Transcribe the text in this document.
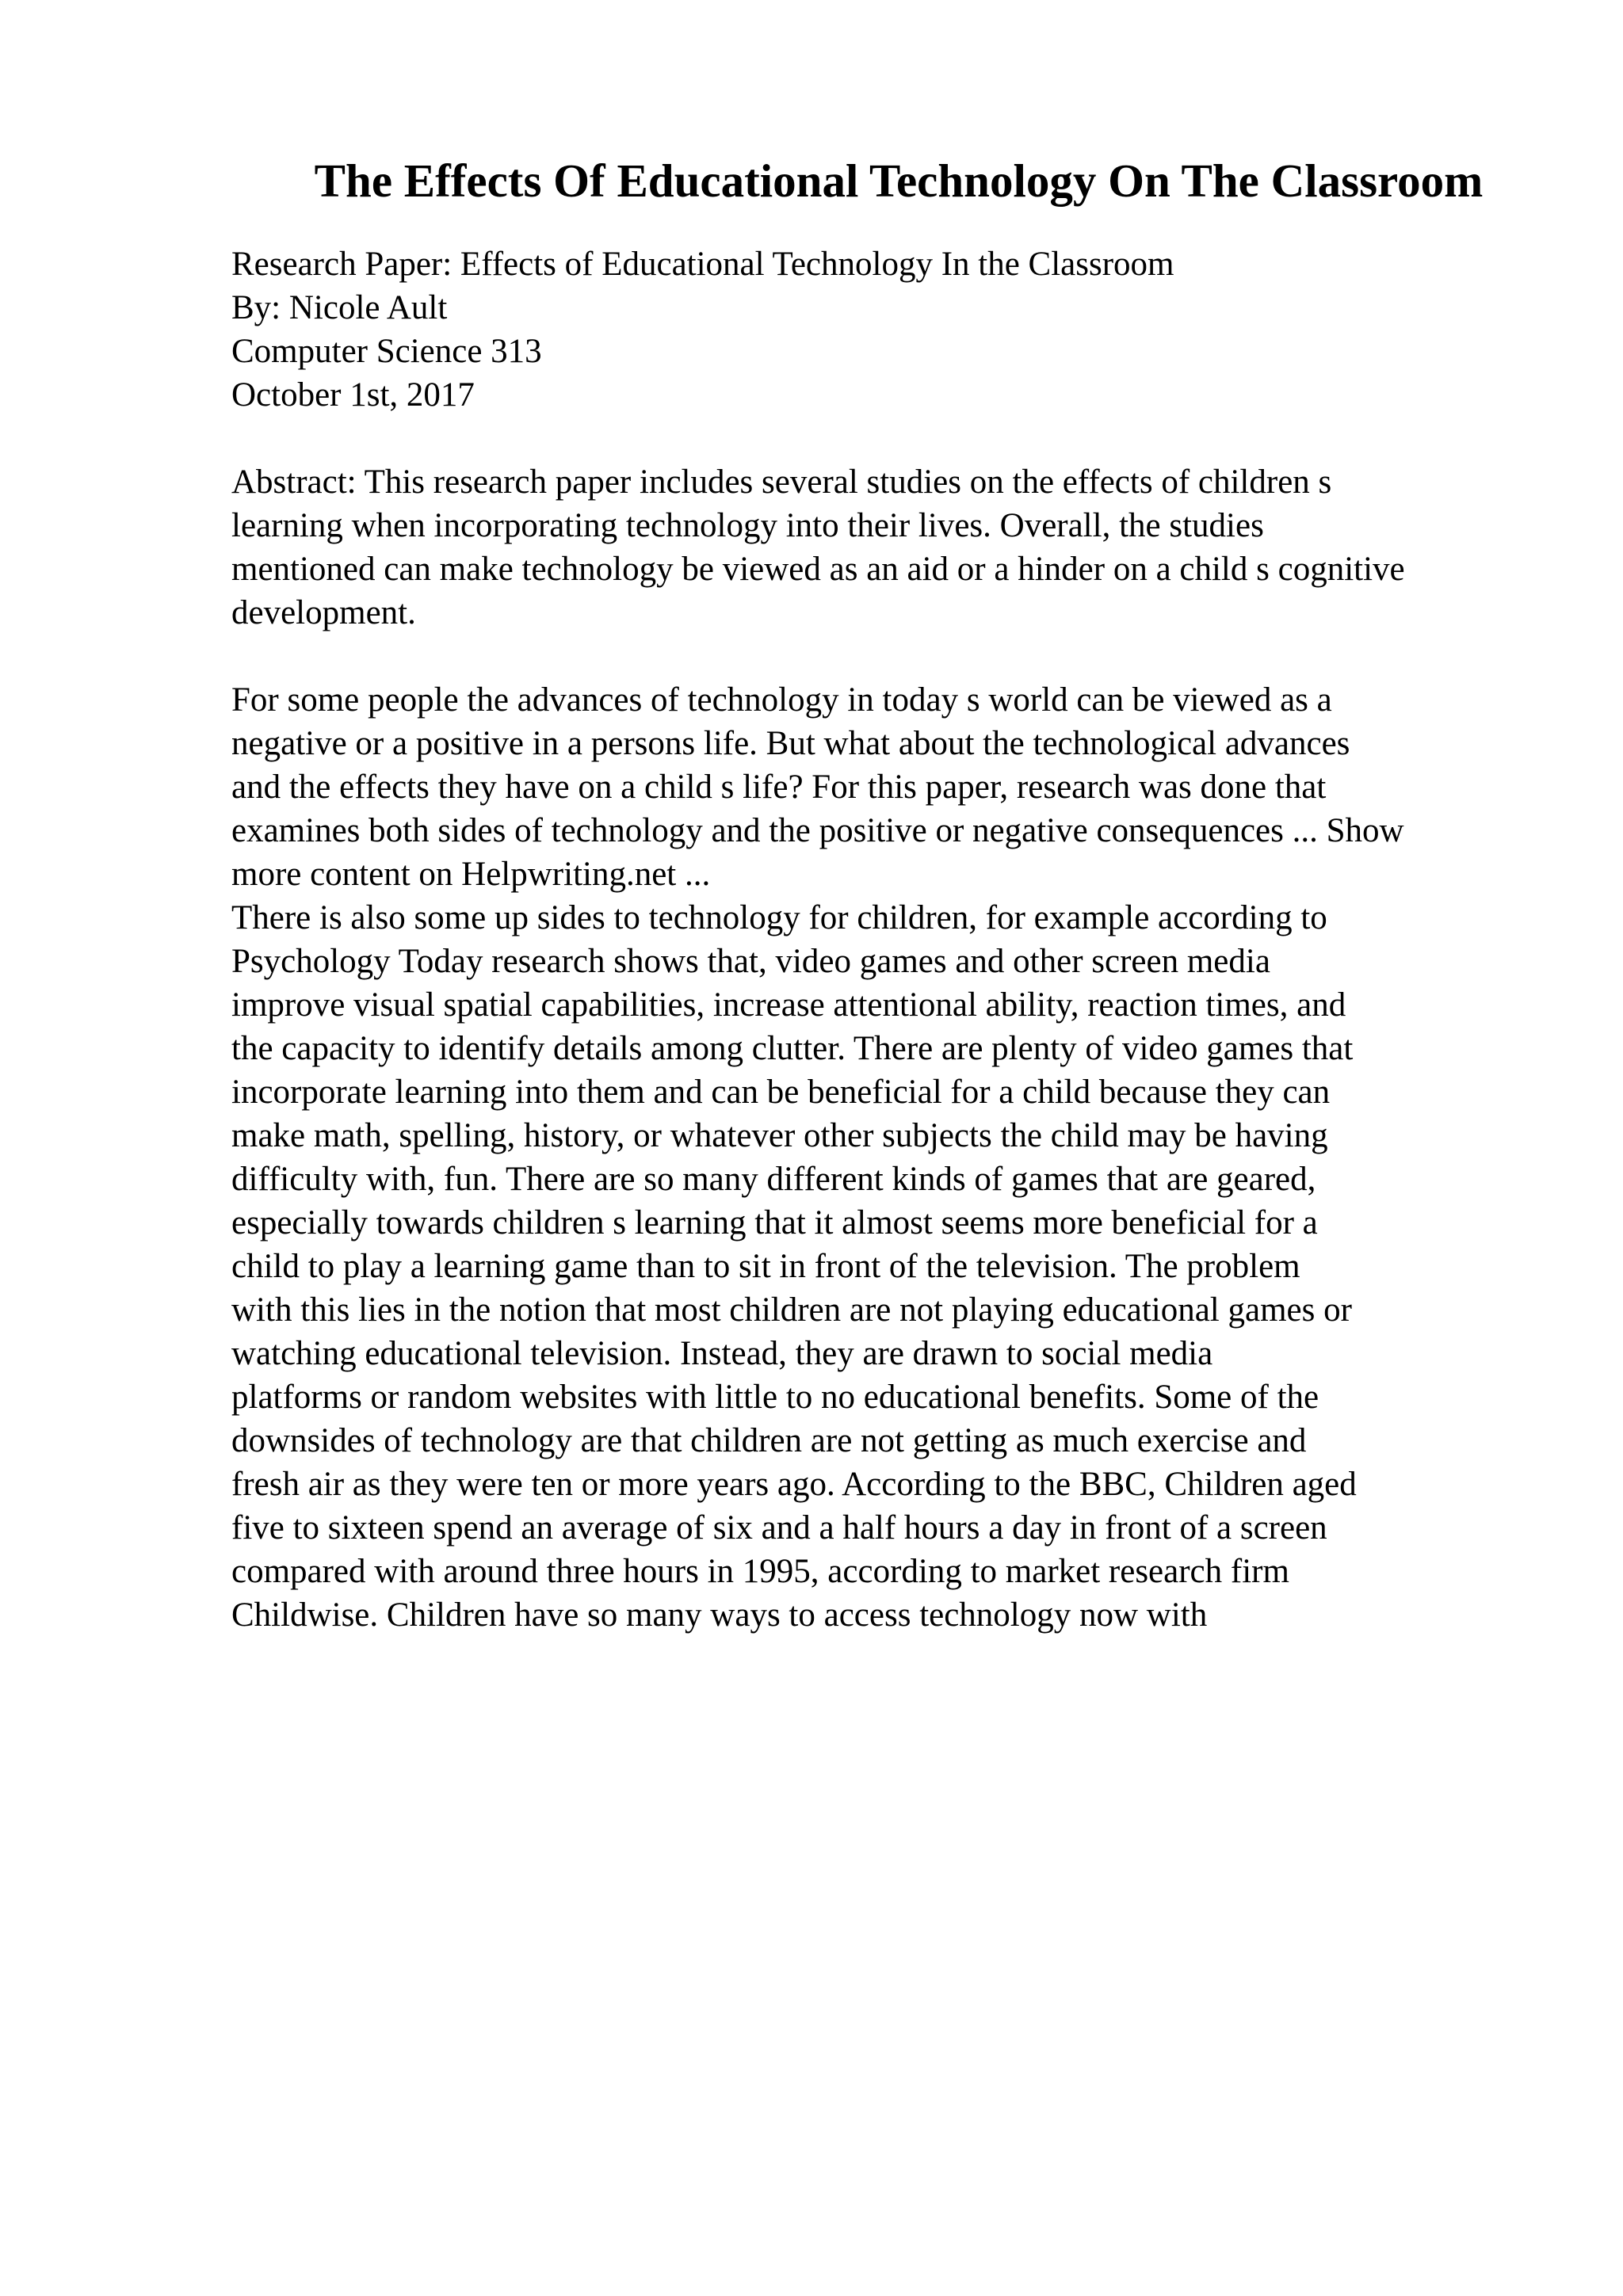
The Effects Of Educational Technology On The Classroom
Research Paper: Effects of Educational Technology In the Classroom
By: Nicole Ault
Computer Science 313
October 1st, 2017
Abstract: This research paper includes several studies on the effects of children s
learning when incorporating technology into their lives. Overall, the studies
mentioned can make technology be viewed as an aid or a hinder on a child s cognitive
development.
For some people the advances of technology in today s world can be viewed as a
negative or a positive in a persons life. But what about the technological advances
and the effects they have on a child s life? For this paper, research was done that
examines both sides of technology and the positive or negative consequences ... Show
more content on Helpwriting.net ...
There is also some up sides to technology for children, for example according to
Psychology Today research shows that, video games and other screen media
improve visual spatial capabilities, increase attentional ability, reaction times, and
the capacity to identify details among clutter. There are plenty of video games that
incorporate learning into them and can be beneficial for a child because they can
make math, spelling, history, or whatever other subjects the child may be having
difficulty with, fun. There are so many different kinds of games that are geared,
especially towards children s learning that it almost seems more beneficial for a
child to play a learning game than to sit in front of the television. The problem
with this lies in the notion that most children are not playing educational games or
watching educational television. Instead, they are drawn to social media
platforms or random websites with little to no educational benefits. Some of the
downsides of technology are that children are not getting as much exercise and
fresh air as they were ten or more years ago. According to the BBC, Children aged
five to sixteen spend an average of six and a half hours a day in front of a screen
compared with around three hours in 1995, according to market research firm
Childwise. Children have so many ways to access technology now with
